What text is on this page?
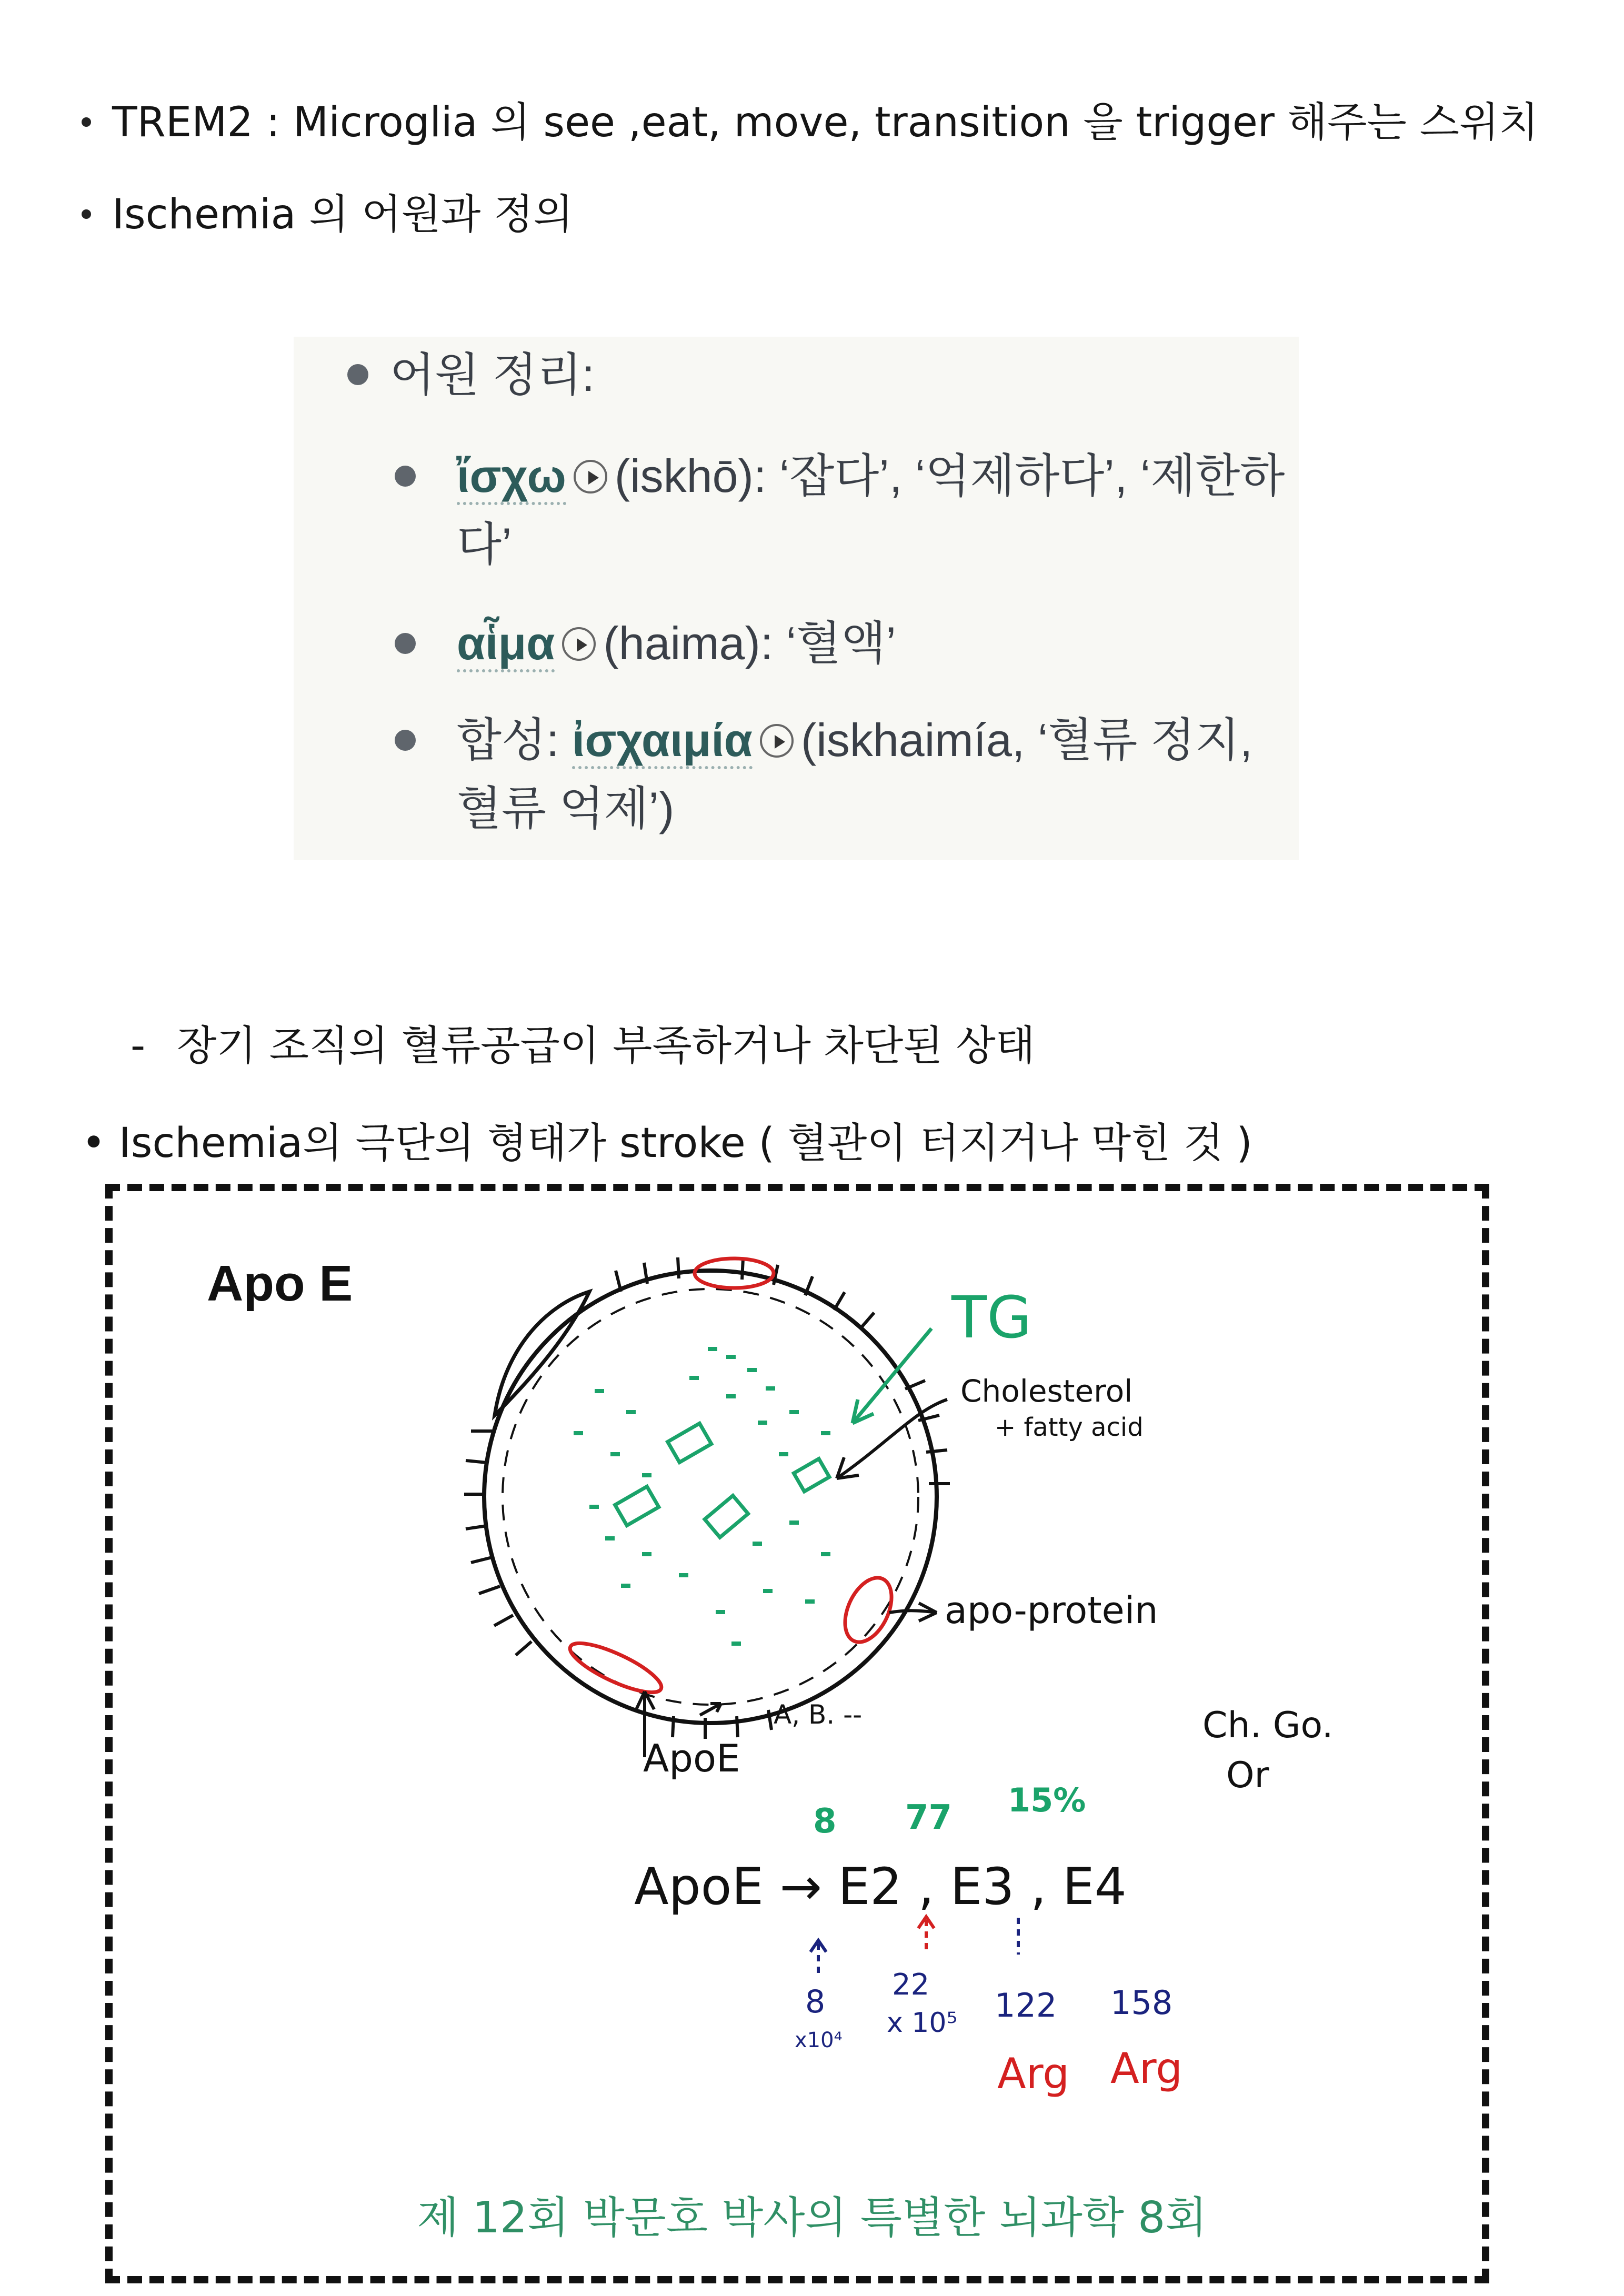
TREM2 : Microglia 의 see ,eat, move, transition 을 trigger 해주는 스위치
Ischemia 의 어원과 정의
어원 정리:
ἴσχω (iskhō): ‘잡다’, ‘억제하다’, ‘제한하
다’
αἷμα (haima): ‘혈액’
합성: ἰσχαιμία (iskhaimía, ‘혈류 정지,
혈류 억제’)
- 장기 조직의 혈류공급이 부족하거나 차단된 상태
• Ischemia의 극단의 형태가 stroke ( 혈관이 터지거나 막힌 것 )
Apo E
TG
Cholesterol
+ fatty acid
apo-protein
ApoE
A, B. --	Ch. Go.
Or
8 77 15%
ApoE → E2 , E3 , E4
8
x10⁴
22
x 10⁵ 122 158
Arg Arg
제 12회 박문호 박사의 특별한 뇌과학 8회
